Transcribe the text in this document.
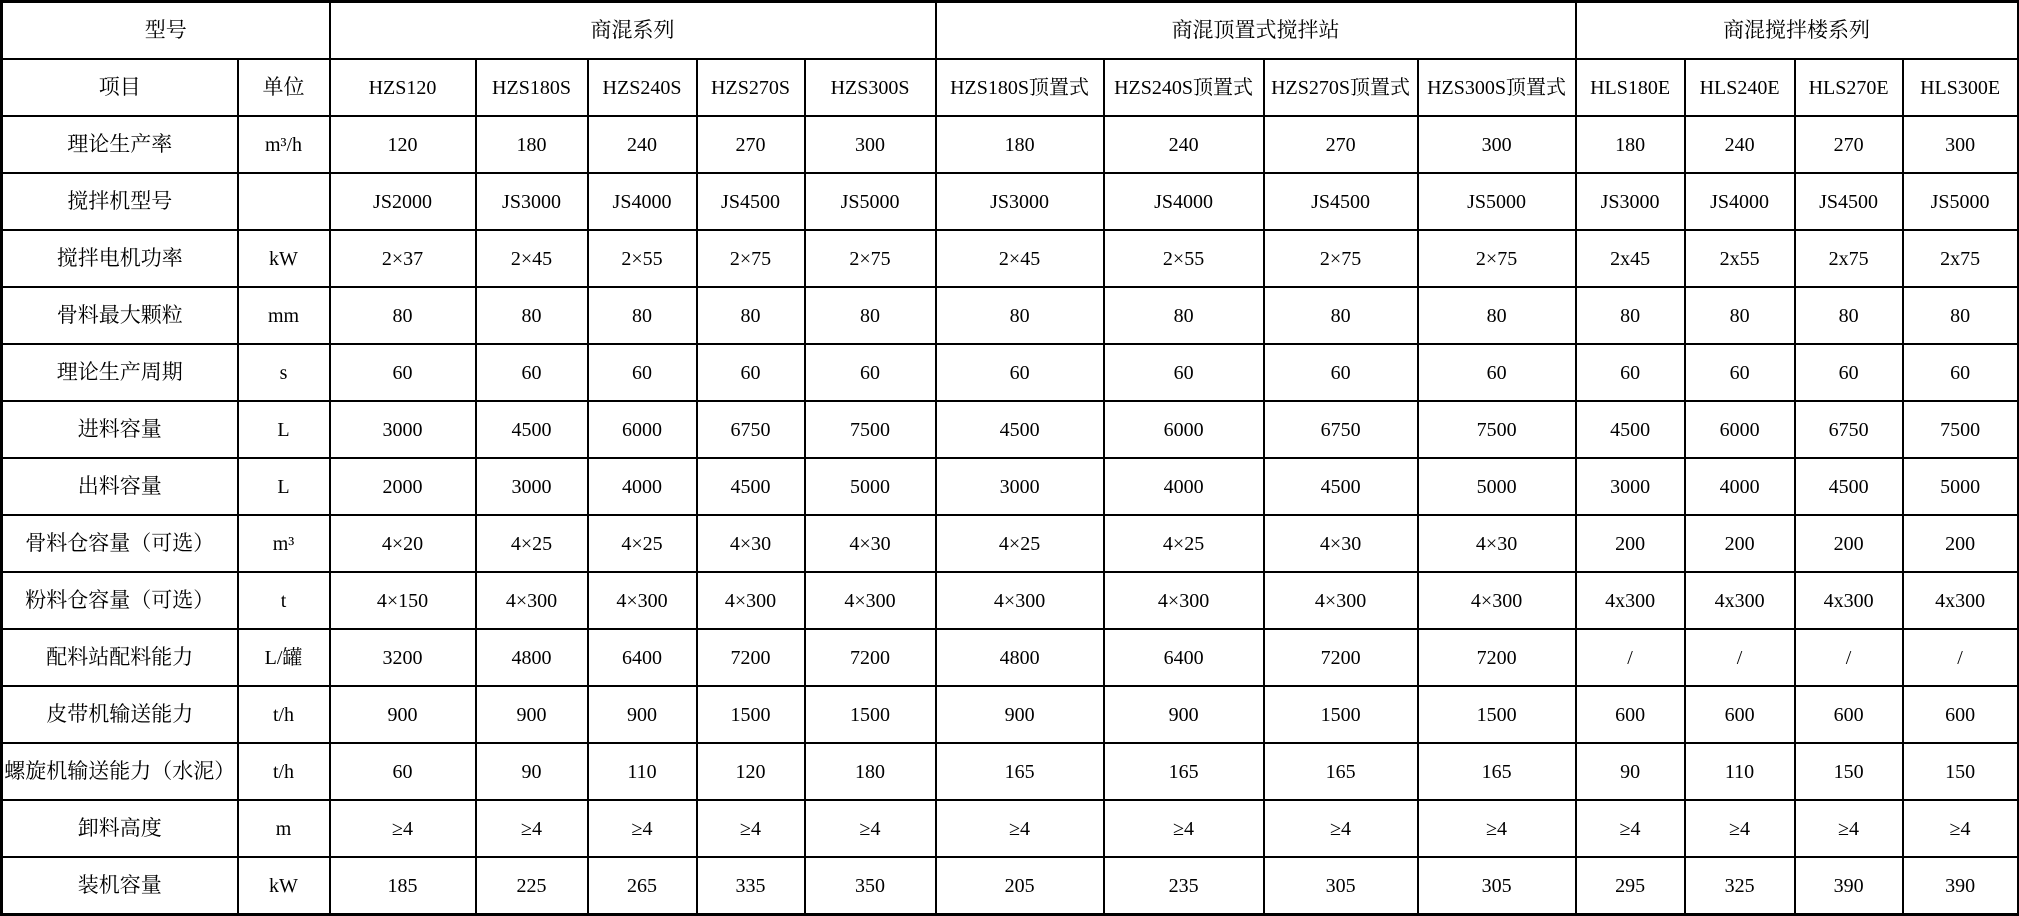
型号		商混系列					商混顶置式搅拌站				商混搅拌楼系列			
项目	单位	HZS120	HZS180S	HZS240S	HZS270S	HZS300S	HZS180S顶置式	HZS240S顶置式	HZS270S顶置式	HZS300S顶置式	HLS180E	HLS240E	HLS270E	HLS300E
理论生产率	m³/h	120	180	240	270	300	180	240	270	300	180	240	270	300
搅拌机型号		JS2000	JS3000	JS4000	JS4500	JS5000	JS3000	JS4000	JS4500	JS5000	JS3000	JS4000	JS4500	JS5000
搅拌电机功率	kW	2×37	2×45	2×55	2×75	2×75	2×45	2×55	2×75	2×75	2x45	2x55	2x75	2x75
骨料最大颗粒	mm	80	80	80	80	80	80	80	80	80	80	80	80	80
理论生产周期	s	60	60	60	60	60	60	60	60	60	60	60	60	60
进料容量	L	3000	4500	6000	6750	7500	4500	6000	6750	7500	4500	6000	6750	7500
出料容量	L	2000	3000	4000	4500	5000	3000	4000	4500	5000	3000	4000	4500	5000
骨料仓容量（可选）	m³	4×20	4×25	4×25	4×30	4×30	4×25	4×25	4×30	4×30	200	200	200	200
粉料仓容量（可选）	t	4×150	4×300	4×300	4×300	4×300	4×300	4×300	4×300	4×300	4x300	4x300	4x300	4x300
配料站配料能力	L/罐	3200	4800	6400	7200	7200	4800	6400	7200	7200	/	/	/	/
皮带机输送能力	t/h	900	900	900	1500	1500	900	900	1500	1500	600	600	600	600
螺旋机输送能力（水泥）	t/h	60	90	110	120	180	165	165	165	165	90	110	150	150
卸料高度	m	≥4	≥4	≥4	≥4	≥4	≥4	≥4	≥4	≥4	≥4	≥4	≥4	≥4
装机容量	kW	185	225	265	335	350	205	235	305	305	295	325	390	390
